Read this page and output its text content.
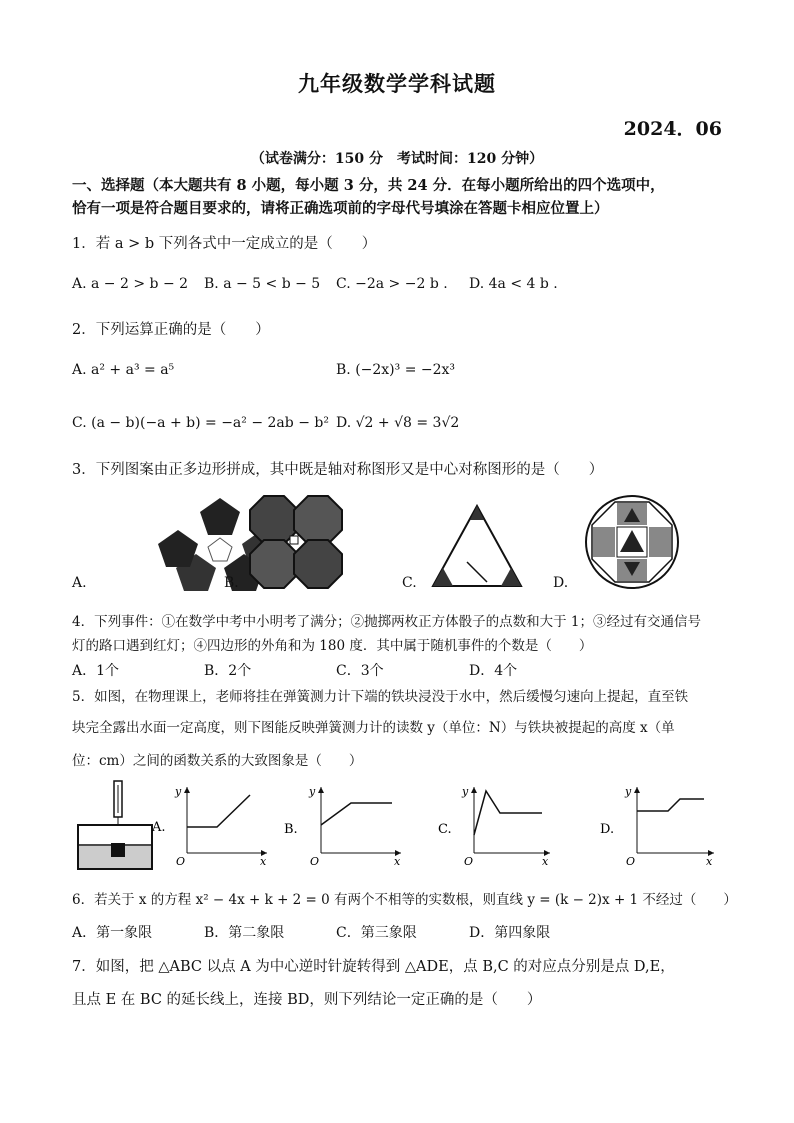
九年级数学学科试题
2024．06
（试卷满分：150 分　考试时间：120 分钟）
一、选择题（本大题共有 8 小题，每小题 3 分，共 24 分．在每小题所给出的四个选项中，
恰有一项是符合题目要求的，请将正确选项前的字母代号填涂在答题卡相应位置上）
1．若 a > b 下列各式中一定成立的是（　　）
A. a − 2 > b − 2 B. a − 5 < b − 5 C. −2a > −2 b . D. 4a < 4 b .
2．下列运算正确的是（　　）
A. a² + a³ = a⁵	B. (−2x)³ = −2x³
C. (a − b)(−a + b) = −a² − 2ab − b² D. √2 + √8 = 3√2
3．下列图案由正多边形拼成，其中既是轴对称图形又是中心对称图形的是（　　）
A.	B.	C.	D.
4．下列事件：①在数学中考中小明考了满分；②抛掷两枚正方体骰子的点数和大于 1；③经过有交通信号
灯的路口遇到红灯；④四边形的外角和为 180 度．其中属于随机事件的个数是（　　）
A．1个	B．2个	C．3个	D．4个
5．如图，在物理课上，老师将挂在弹簧测力计下端的铁块浸没于水中，然后缓慢匀速向上提起，直至铁
块完全露出水面一定高度，则下图能反映弹簧测力计的读数 y（单位：N）与铁块被提起的高度 x（单
位：cm）之间的函数关系的大致图象是（　　）
A.	B.	C.	D.
y
x
O
y
x
O
y
x
O
y
x
O
6．若关于 x 的方程 x² − 4x + k + 2 = 0 有两个不相等的实数根，则直线 y = (k − 2)x + 1 不经过（　　）
A．第一象限	B．第二象限	C．第三象限	D．第四象限
7．如图，把 △ABC 以点 A 为中心逆时针旋转得到 △ADE，点 B,C 的对应点分别是点 D,E，
且点 E 在 BC 的延长线上，连接 BD，则下列结论一定正确的是（　　）
